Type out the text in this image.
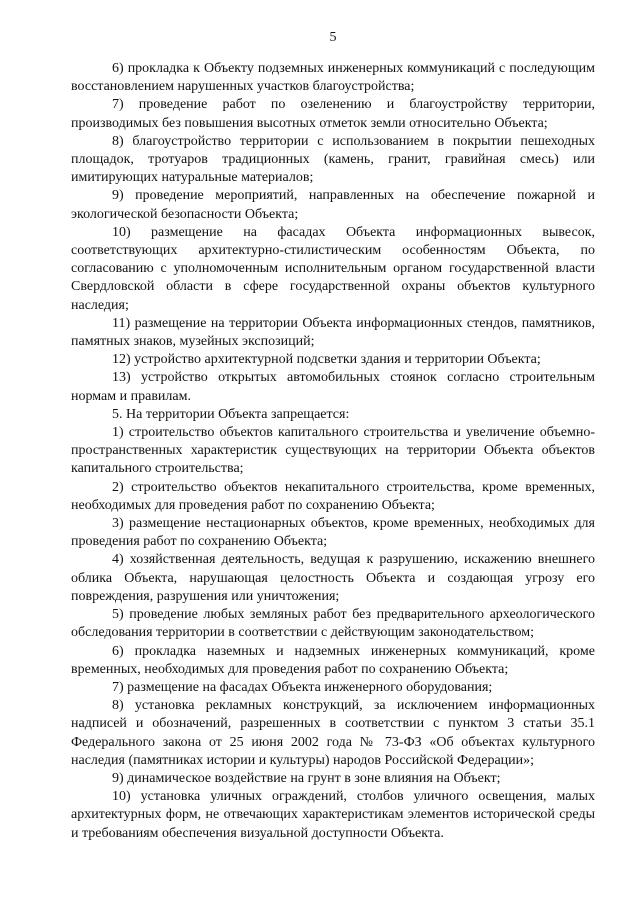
5

6) прокладка к Объекту подземных инженерных коммуникаций с последующим восстановлением нарушенных участков благоустройства;

7) проведение работ по озеленению и благоустройству территории, производимых без повышения высотных отметок земли относительно Объекта;

8) благоустройство территории с использованием в покрытии пешеходных площадок, тротуаров традиционных (камень, гранит, гравийная смесь) или имитирующих натуральные материалов;

9) проведение мероприятий, направленных на обеспечение пожарной и экологической безопасности Объекта;

10) размещение на фасадах Объекта информационных вывесок, соответствующих архитектурно-стилистическим особенностям Объекта, по согласованию с уполномоченным исполнительным органом государственной власти Свердловской области в сфере государственной охраны объектов культурного наследия;

11) размещение на территории Объекта информационных стендов, памятников, памятных знаков, музейных экспозиций;

12) устройство архитектурной подсветки здания и территории Объекта;

13) устройство открытых автомобильных стоянок согласно строительным нормам и правилам.

5. На территории Объекта запрещается:

1) строительство объектов капитального строительства и увеличение объемно-пространственных характеристик существующих на территории Объекта объектов капитального строительства;

2) строительство объектов некапитального строительства, кроме временных, необходимых для проведения работ по сохранению Объекта;

3) размещение нестационарных объектов, кроме временных, необходимых для проведения работ по сохранению Объекта;

4) хозяйственная деятельность, ведущая к разрушению, искажению внешнего облика Объекта, нарушающая целостность Объекта и создающая угрозу его повреждения, разрушения или уничтожения;

5) проведение любых земляных работ без предварительного археологического обследования территории в соответствии с действующим законодательством;

6) прокладка наземных и надземных инженерных коммуникаций, кроме временных, необходимых для проведения работ по сохранению Объекта;

7) размещение на фасадах Объекта инженерного оборудования;

8) установка рекламных конструкций, за исключением информационных надписей и обозначений, разрешенных в соответствии с пунктом 3 статьи 35.1 Федерального закона от 25 июня 2002 года № 73-ФЗ «Об объектах культурного наследия (памятниках истории и культуры) народов Российской Федерации»;

9) динамическое воздействие на грунт в зоне влияния на Объект;

10) установка уличных ограждений, столбов уличного освещения, малых архитектурных форм, не отвечающих характеристикам элементов исторической среды и требованиям обеспечения визуальной доступности Объекта.
